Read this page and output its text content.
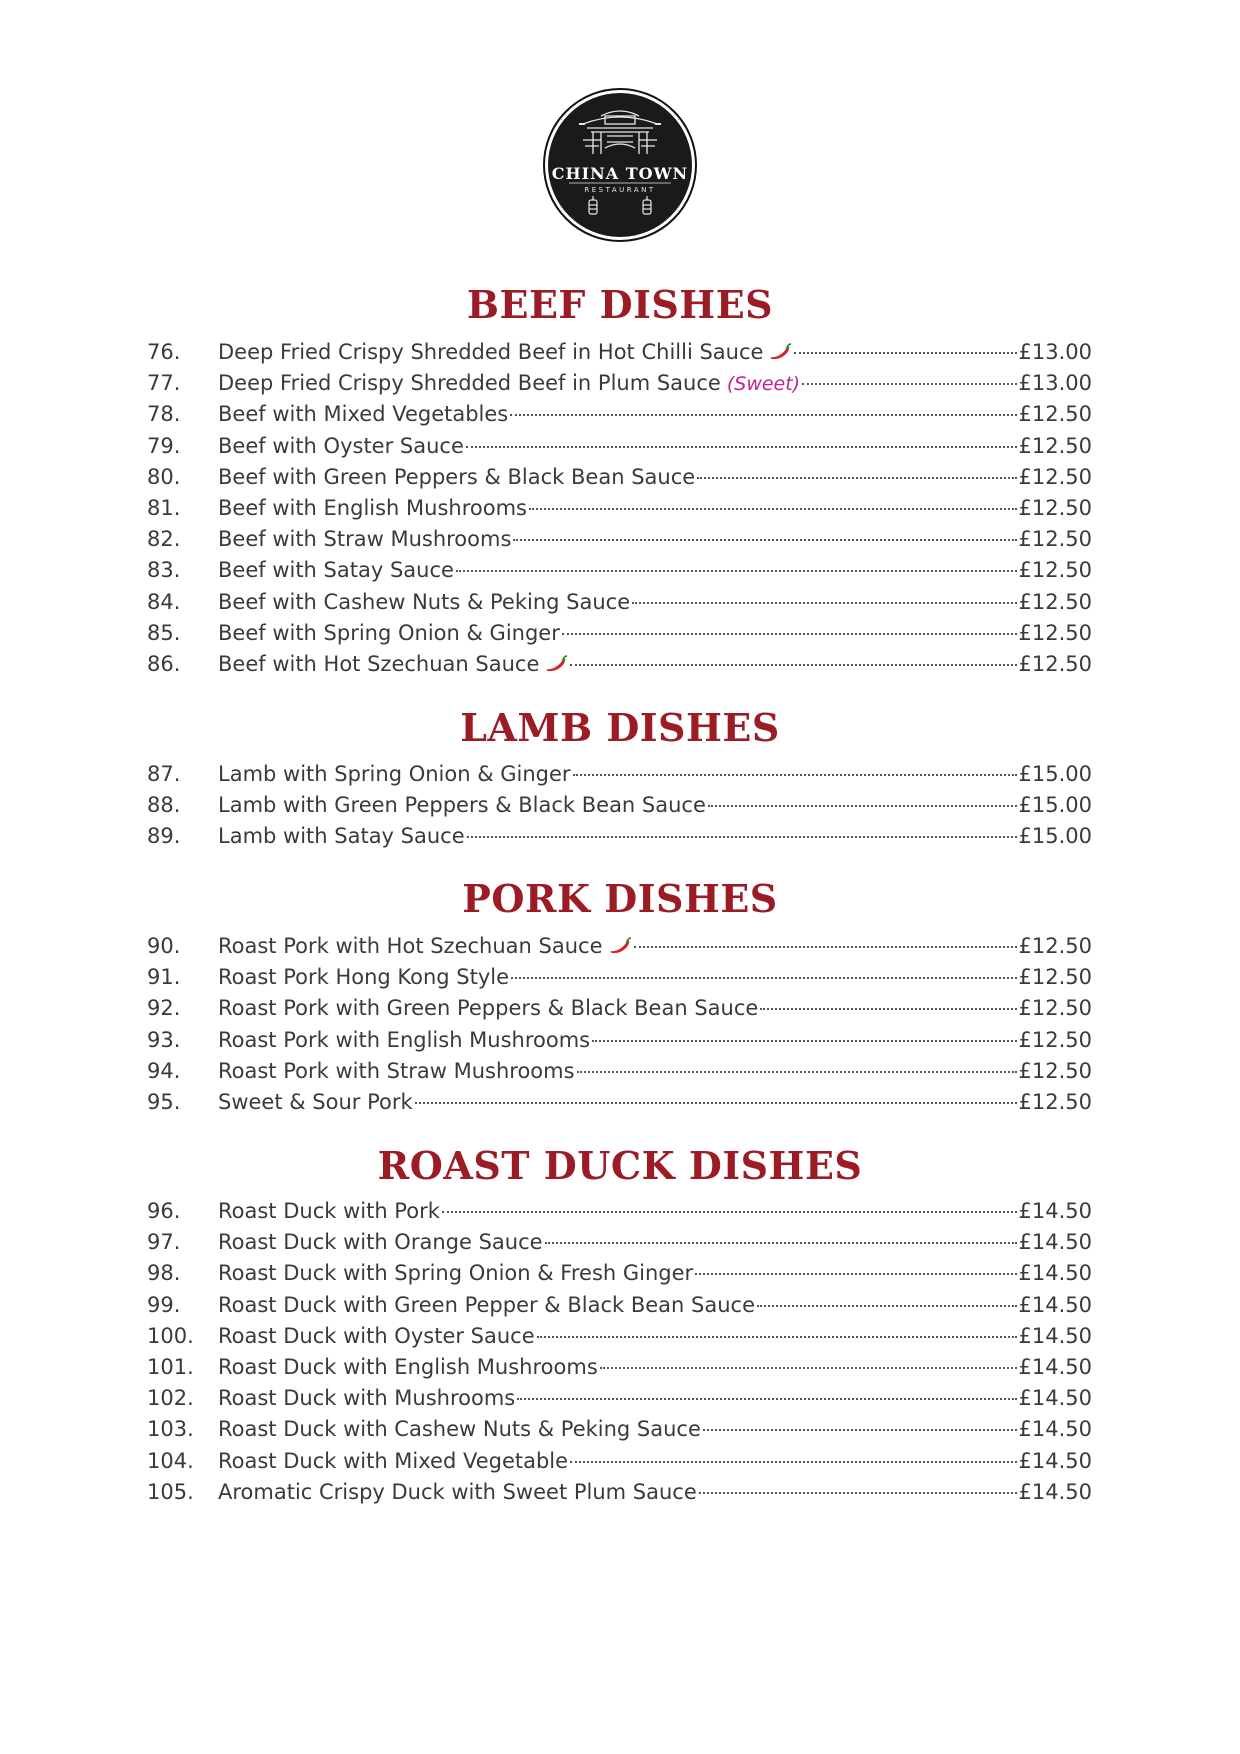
CHINA TOWN
RESTAURANT
BEEF DISHES
76.	Deep Fried Crispy Shredded Beef in Hot Chilli Sauce	£13.00
77.	Deep Fried Crispy Shredded Beef in Plum Sauce (Sweet)	£13.00
78.	Beef with Mixed Vegetables	£12.50
79.	Beef with Oyster Sauce	£12.50
80.	Beef with Green Peppers & Black Bean Sauce	£12.50
81.	Beef with English Mushrooms	£12.50
82.	Beef with Straw Mushrooms	£12.50
83.	Beef with Satay Sauce	£12.50
84.	Beef with Cashew Nuts & Peking Sauce	£12.50
85.	Beef with Spring Onion & Ginger	£12.50
86.	Beef with Hot Szechuan Sauce	£12.50
LAMB DISHES
87.	Lamb with Spring Onion & Ginger	£15.00
88.	Lamb with Green Peppers & Black Bean Sauce	£15.00
89.	Lamb with Satay Sauce	£15.00
PORK DISHES
90.	Roast Pork with Hot Szechuan Sauce	£12.50
91.	Roast Pork Hong Kong Style	£12.50
92.	Roast Pork with Green Peppers & Black Bean Sauce	£12.50
93.	Roast Pork with English Mushrooms	£12.50
94.	Roast Pork with Straw Mushrooms	£12.50
95.	Sweet & Sour Pork	£12.50
ROAST DUCK DISHES
96.	Roast Duck with Pork	£14.50
97.	Roast Duck with Orange Sauce	£14.50
98.	Roast Duck with Spring Onion & Fresh Ginger	£14.50
99.	Roast Duck with Green Pepper & Black Bean Sauce	£14.50
100.	Roast Duck with Oyster Sauce	£14.50
101.	Roast Duck with English Mushrooms	£14.50
102.	Roast Duck with Mushrooms	£14.50
103.	Roast Duck with Cashew Nuts & Peking Sauce	£14.50
104.	Roast Duck with Mixed Vegetable	£14.50
105.	Aromatic Crispy Duck with Sweet Plum Sauce	£14.50
